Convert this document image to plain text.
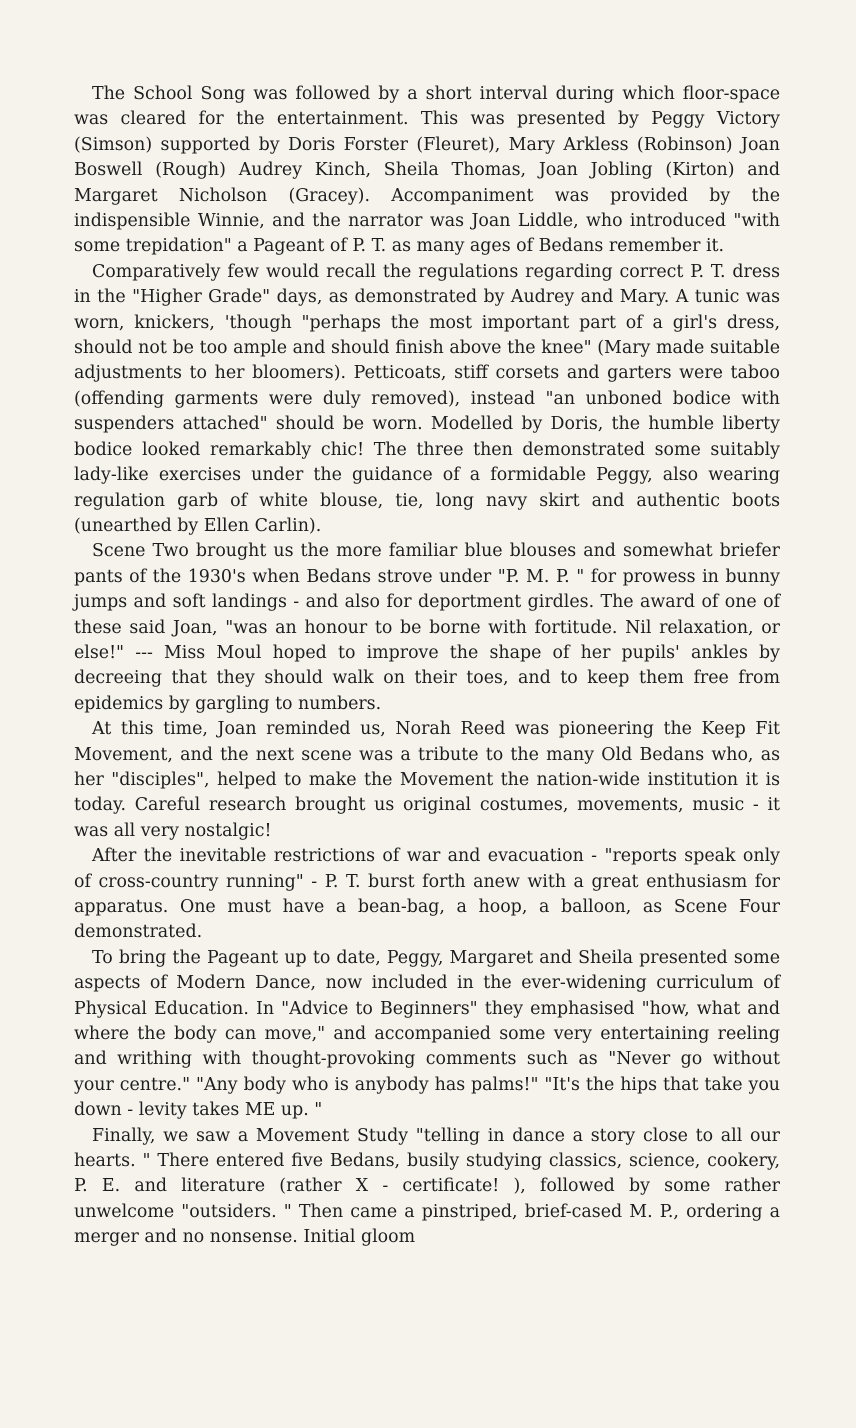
The School Song was followed by a short interval during which floor-space was cleared for the entertainment. This was presented by Peggy Victory (Simson) supported by Doris Forster (Fleuret), Mary Arkless (Robinson) Joan Boswell (Rough) Audrey Kinch, Sheila Thomas, Joan Jobling (Kirton) and Margaret Nicholson (Gracey). Accompaniment was provided by the indispensible Winnie, and the narrator was Joan Liddle, who introduced "with some trepidation" a Pageant of P. T. as many ages of Bedans remember it.

Comparatively few would recall the regulations regarding correct P. T. dress in the "Higher Grade" days, as demonstrated by Audrey and Mary. A tunic was worn, knickers, 'though "perhaps the most important part of a girl's dress, should not be too ample and should finish above the knee" (Mary made suitable adjustments to her bloomers). Petticoats, stiff corsets and garters were taboo (offending garments were duly removed), instead "an unboned bodice with suspenders attached" should be worn. Modelled by Doris, the humble liberty bodice looked remarkably chic! The three then demonstrated some suitably lady-like exercises under the guidance of a formidable Peggy, also wearing regulation garb of white blouse, tie, long navy skirt and authentic boots (unearthed by Ellen Carlin).

Scene Two brought us the more familiar blue blouses and somewhat briefer pants of the 1930's when Bedans strove under "P. M. P. " for prowess in bunny jumps and soft landings - and also for deportment girdles. The award of one of these said Joan, "was an honour to be borne with fortitude. Nil relaxation, or else!" --- Miss Moul hoped to improve the shape of her pupils' ankles by decreeing that they should walk on their toes, and to keep them free from epidemics by gargling to numbers.

At this time, Joan reminded us, Norah Reed was pioneering the Keep Fit Movement, and the next scene was a tribute to the many Old Bedans who, as her "disciples", helped to make the Movement the nation-wide institution it is today. Careful research brought us original costumes, movements, music - it was all very nostalgic!

After the inevitable restrictions of war and evacuation - "reports speak only of cross-country running" - P. T. burst forth anew with a great enthusiasm for apparatus. One must have a bean-bag, a hoop, a balloon, as Scene Four demonstrated.

To bring the Pageant up to date, Peggy, Margaret and Sheila presented some aspects of Modern Dance, now included in the ever-widening curriculum of Physical Education. In "Advice to Beginners" they emphasised "how, what and where the body can move," and accompanied some very entertaining reeling and writhing with thought-provoking comments such as "Never go without your centre." "Any body who is anybody has palms!" "It's the hips that take you down - levity takes ME up. "

Finally, we saw a Movement Study "telling in dance a story close to all our hearts. " There entered five Bedans, busily studying classics, science, cookery, P. E. and literature (rather X - certificate! ), followed by some rather unwelcome "outsiders. " Then came a pinstriped, brief-cased M. P., ordering a merger and no nonsense. Initial gloom
